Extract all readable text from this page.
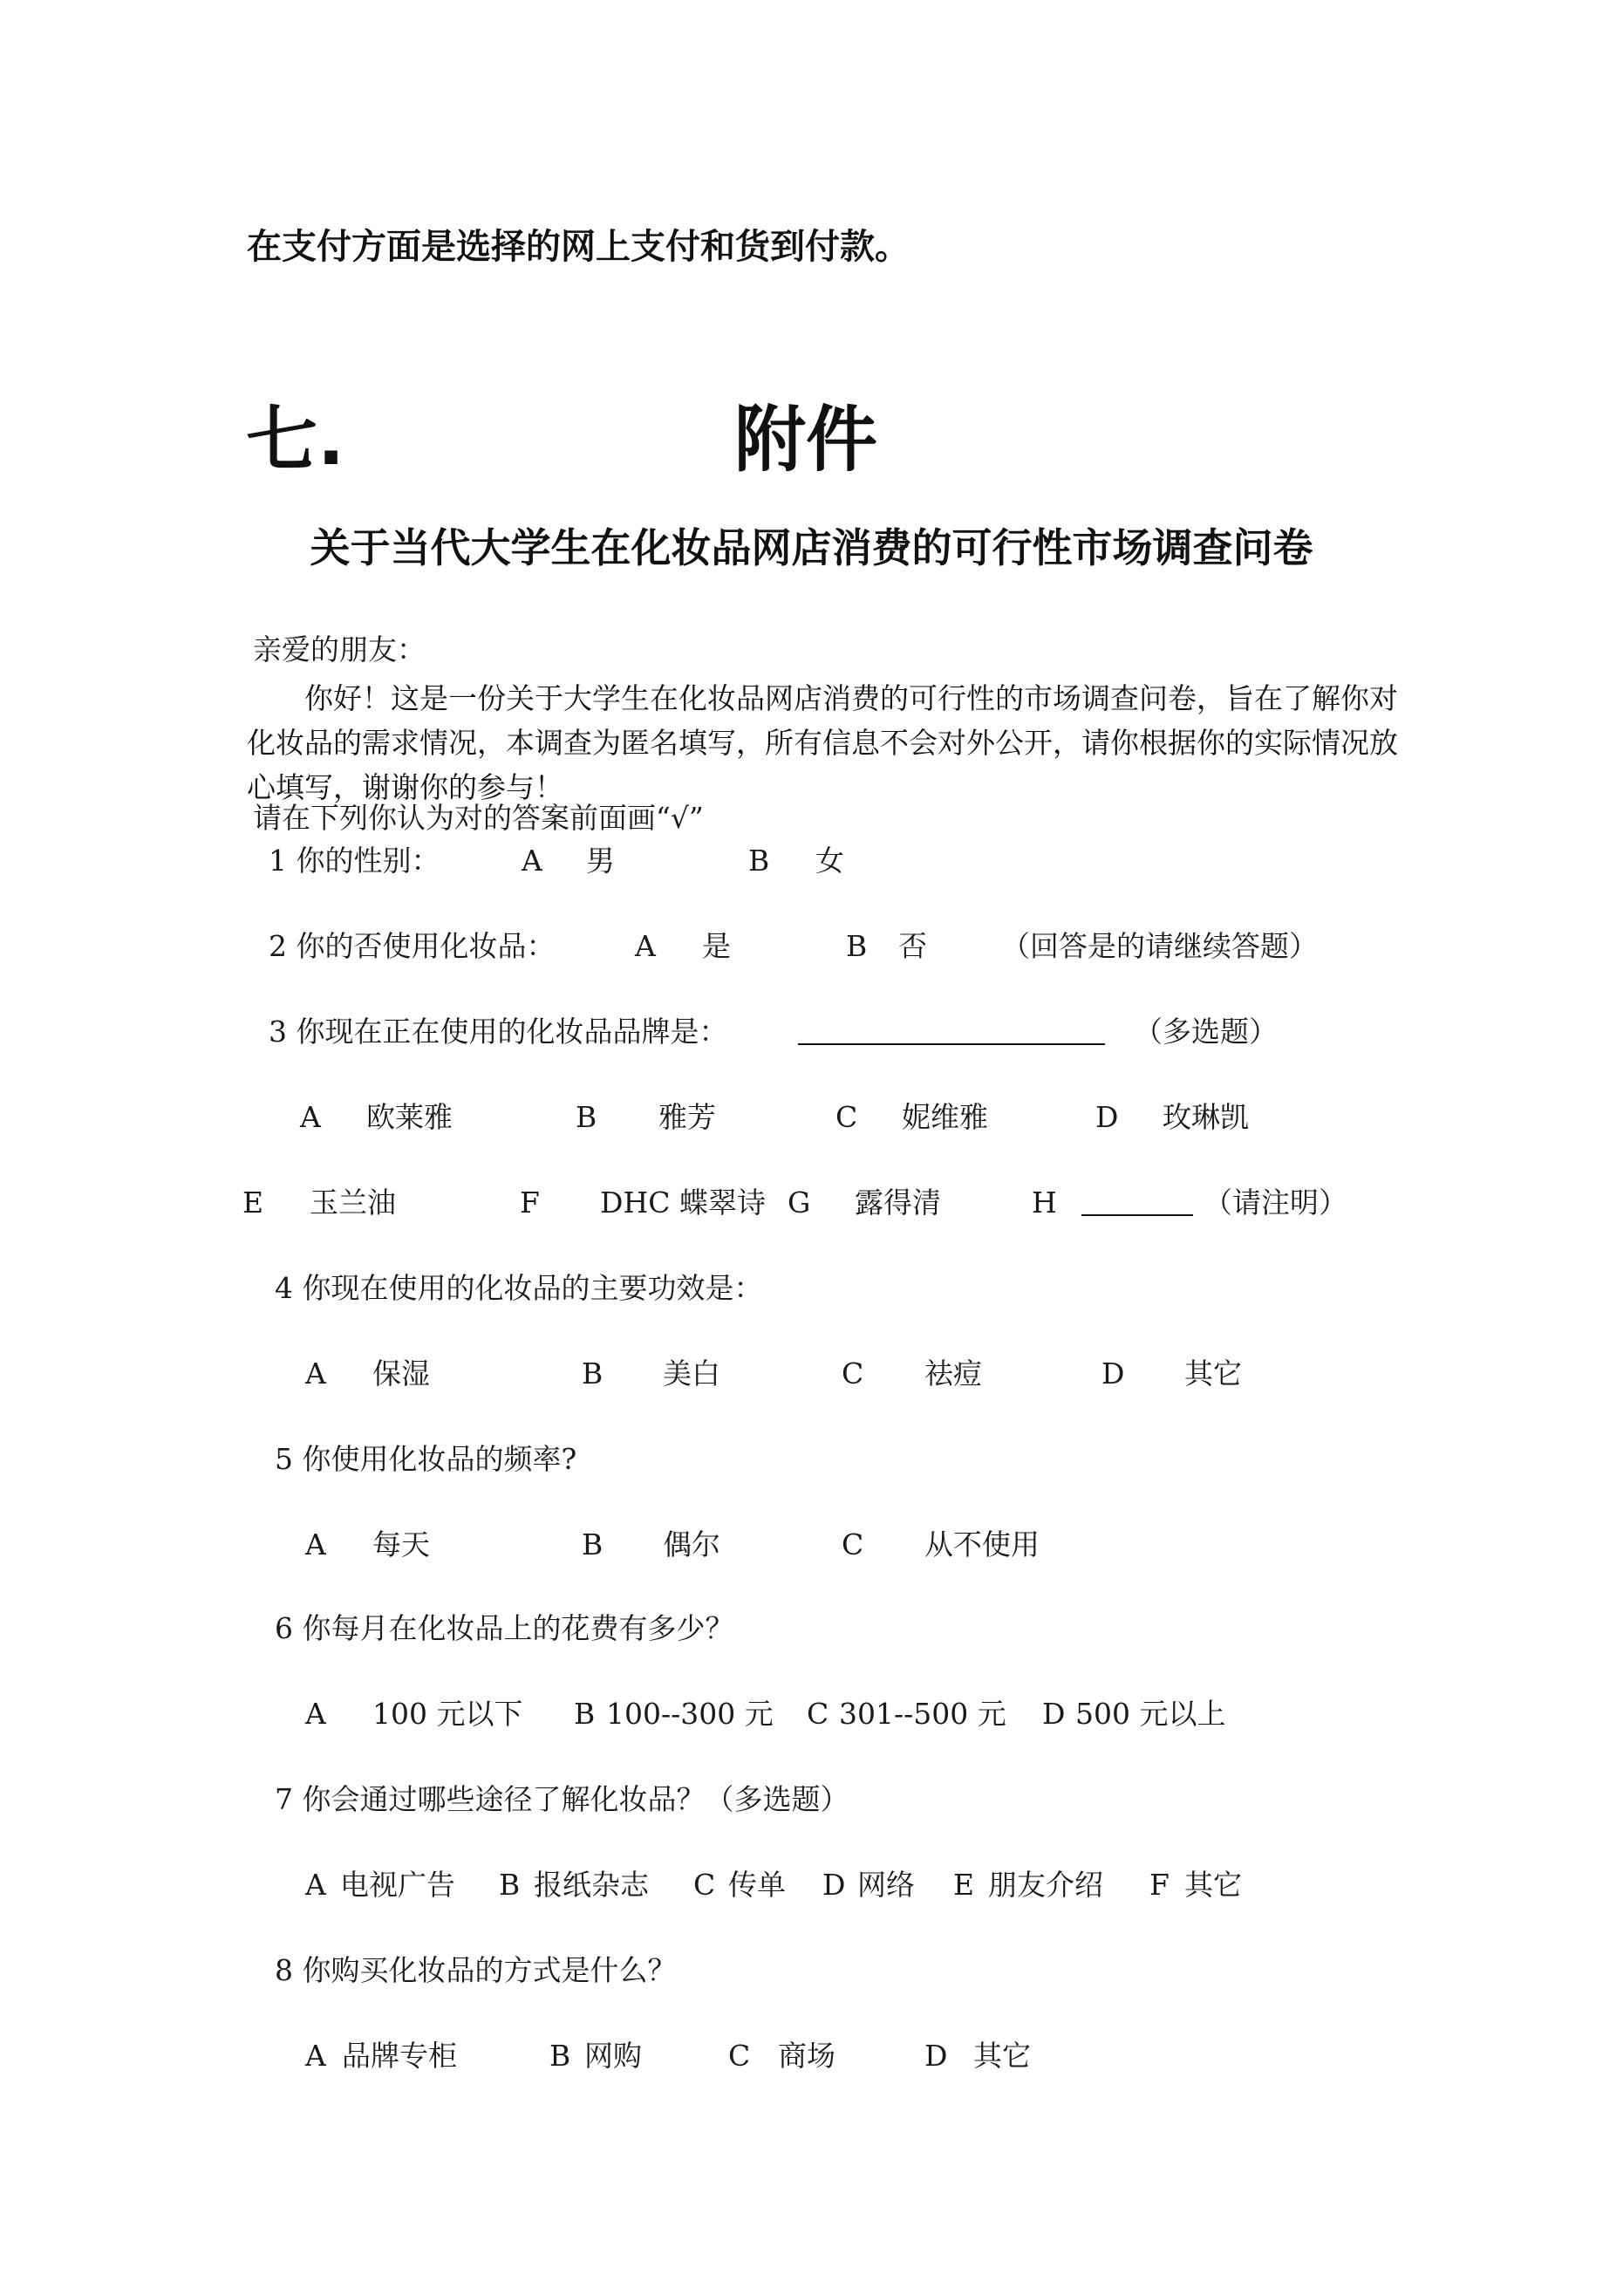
在支付方面是选择的网上支付和货到付款。
七.	附件
关于当代大学生在化妆品网店消费的可行性市场调查问卷
亲爱的朋友：
你好！这是一份关于大学生在化妆品网店消费的可行性的市场调查问卷，旨在了解你对化妆品的需求情况，本调查为匿名填写，所有信息不会对外公开，请你根据你的实际情况放心填写，谢谢你的参与！
请在下列你认为对的答案前面画“√”
1 你的性别：	A 男	B 女
2 你的否使用化妆品：	A 是	B 否	（回答是的请继续答题）
3 你现在正在使用的化妆品品牌是：	（多选题）
A 欧莱雅	B 雅芳	C 妮维雅	D 玫琳凯
E 玉兰油	F DHC 蝶翠诗 G 露得清	H	（请注明）
4 你现在使用的化妆品的主要功效是：
A 保湿	B 美白	C 祛痘	D 其它
5 你使用化妆品的频率?
A 每天	B 偶尔	C 从不使用
6 你每月在化妆品上的花费有多少？
A 100 元以下 B 100--300 元 C 301--500 元 D 500 元以上
7 你会通过哪些途径了解化妆品？（多选题）
A 电视广告 B 报纸杂志 C 传单 D 网络 E 朋友介绍 F 其它
8 你购买化妆品的方式是什么？
A 品牌专柜	B 网购	C 商场	D 其它
